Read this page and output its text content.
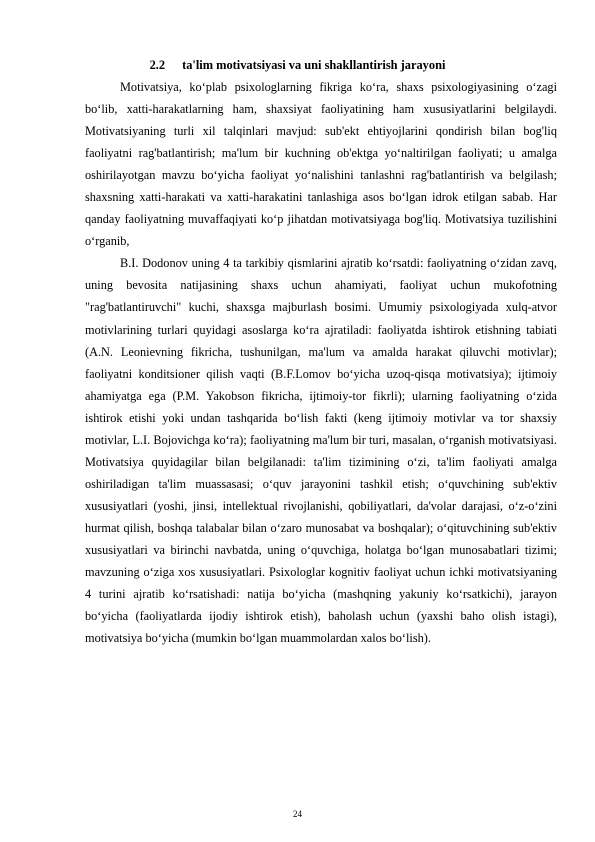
2.2 ta'lim motivatsiyasi va uni shakllantirish jarayoni

Motivatsiya, ko‘plab psixologlarning fikriga ko‘ra, shaxs psixologiyasining o‘zagi bo‘lib, xatti-harakatlarning ham, shaxsiyat faoliyatining ham xususiyatlarini belgilaydi. Motivatsiyaning turli xil talqinlari mavjud: sub'ekt ehtiyojlarini qondirish bilan bog'liq faoliyatni rag'batlantirish; ma'lum bir kuchning ob'ektga yo‘naltirilgan faoliyati; u amalga oshirilayotgan mavzu bo‘yicha faoliyat yo‘nalishini tanlashni rag'batlantirish va belgilash; shaxsning xatti-harakati va xatti-harakatini tanlashiga asos bo‘lgan idrok etilgan sabab. Har qanday faoliyatning muvaffaqiyati ko‘p jihatdan motivatsiyaga bog'liq. Motivatsiya tuzilishini o‘rganib,

B.I. Dodonov uning 4 ta tarkibiy qismlarini ajratib ko‘rsatdi: faoliyatning o‘zidan zavq, uning bevosita natijasining shaxs uchun ahamiyati, faoliyat uchun mukofotning "rag'batlantiruvchi" kuchi, shaxsga majburlash bosimi. Umumiy psixologiyada xulq-atvor motivlarining turlari quyidagi asoslarga ko‘ra ajratiladi: faoliyatda ishtirok etishning tabiati (A.N. Leonievning fikricha, tushunilgan, ma'lum va amalda harakat qiluvchi motivlar); faoliyatni konditsioner qilish vaqti (B.F.Lomov bo‘yicha uzoq-qisqa motivatsiya); ijtimoiy ahamiyatga ega (P.M. Yakobson fikricha, ijtimoiy-tor fikrli); ularning faoliyatning o‘zida ishtirok etishi yoki undan tashqarida bo‘lish fakti (keng ijtimoiy motivlar va tor shaxsiy motivlar, L.I. Bojovichga ko‘ra); faoliyatning ma'lum bir turi, masalan, o‘rganish motivatsiyasi. Motivatsiya quyidagilar bilan belgilanadi: ta'lim tizimining o‘zi, ta'lim faoliyati amalga oshiriladigan ta'lim muassasasi; o‘quv jarayonini tashkil etish; o‘quvchining sub'ektiv xususiyatlari (yoshi, jinsi, intellektual rivojlanishi, qobiliyatlari, da'volar darajasi, o‘z-o‘zini hurmat qilish, boshqa talabalar bilan o‘zaro munosabat va boshqalar); o‘qituvchining sub'ektiv xususiyatlari va birinchi navbatda, uning o‘quvchiga, holatga bo‘lgan munosabatlari tizimi; mavzuning o‘ziga xos xususiyatlari. Psixologlar kognitiv faoliyat uchun ichki motivatsiyaning 4 turini ajratib ko‘rsatishadi: natija bo‘yicha (mashqning yakuniy ko‘rsatkichi), jarayon bo‘yicha (faoliyatlarda ijodiy ishtirok etish), baholash uchun (yaxshi baho olish istagi), motivatsiya bo‘yicha (mumkin bo‘lgan muammolardan xalos bo‘lish).

24
